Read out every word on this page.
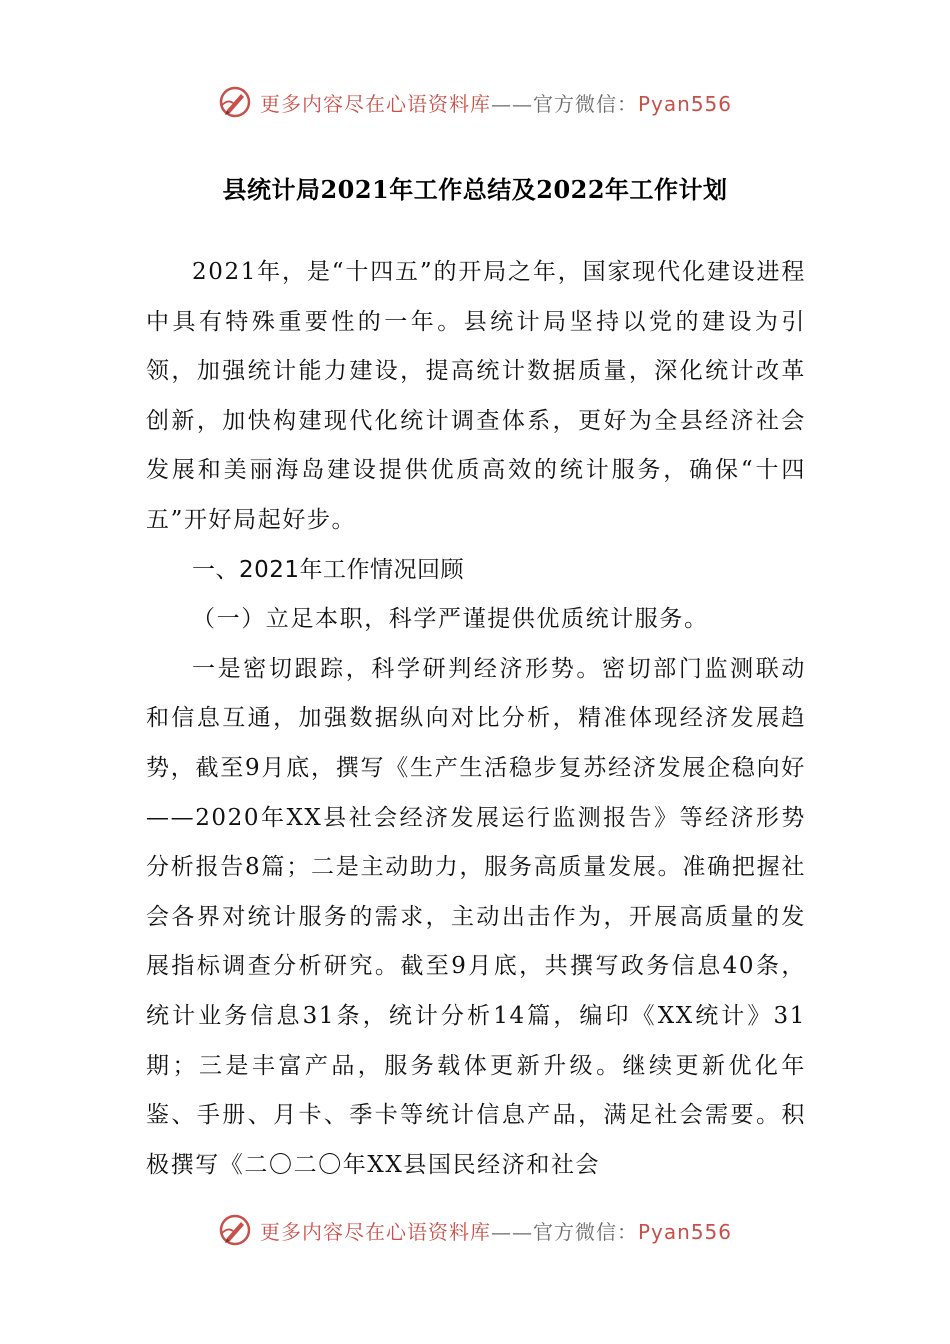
更多内容尽在心语资料库——官方微信：Pyan556
县统计局2021年工作总结及2022年工作计划

2021年，是“十四五”的开局之年，国家现代化建设进程中具有特殊重要性的一年。县统计局坚持以党的建设为引领，加强统计能力建设，提高统计数据质量，深化统计改革创新，加快构建现代化统计调查体系，更好为全县经济社会发展和美丽海岛建设提供优质高效的统计服务，确保“十四五”开好局起好步。

一、2021年工作情况回顾

（一）立足本职，科学严谨提供优质统计服务。

一是密切跟踪，科学研判经济形势。密切部门监测联动和信息互通，加强数据纵向对比分析，精准体现经济发展趋势，截至9月底，撰写《生产生活稳步复苏经济发展企稳向好——2020年XX县社会经济发展运行监测报告》等经济形势分析报告8篇；二是主动助力，服务高质量发展。准确把握社会各界对统计服务的需求，主动出击作为，开展高质量的发展指标调查分析研究。截至9月底，共撰写政务信息40条，统计业务信息31条，统计分析14篇，编印《XX统计》31期；三是丰富产品，服务载体更新升级。继续更新优化年鉴、手册、月卡、季卡等统计信息产品，满足社会需要。积极撰写《二〇二〇年XX县国民经济和社会

更多内容尽在心语资料库——官方微信：Pyan556
